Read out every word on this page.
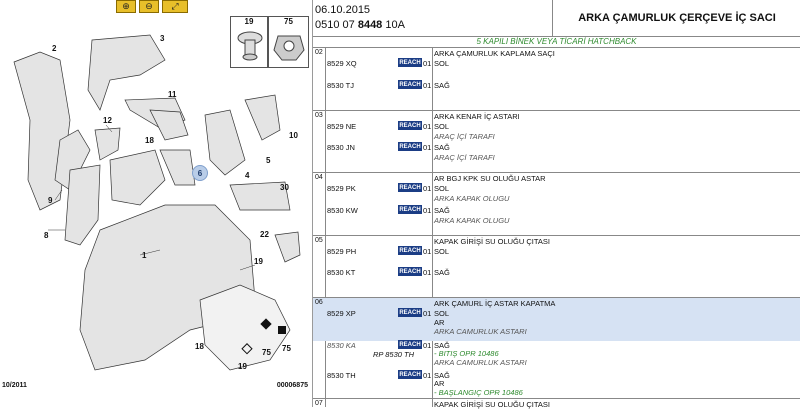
⊕	⊖	⤢
19	75
2
3
11
12
18
4
5
10
30
9
8
1
22
19
18
75 75
19
6
10/2011	00006875
06.10.2015
0510 07 8448 10A
ARKA ÇAMURLUK ÇERÇEVE İÇ SACI
5 KAPILI BİNEK VEYA TİCARİ HATCHBACK
02	ARKA ÇAMURLUK KAPLAMA SAÇI
8529 XQ	REACH 01 SOL
8530 TJ	REACH 01 SAĞ
03	ARKA KENAR İÇ ASTARI
8529 NE	REACH 01 SOL
ARAÇ İÇİ TARAFI
8530 JN	REACH 01 SAĞ
ARAÇ İÇİ TARAFI
04	AR BGJ KPK SU OLUĞU ASTAR
8529 PK	REACH 01 SOL
ARKA KAPAK OLUGU
8530 KW	REACH 01 SAĞ
ARKA KAPAK OLUGU
05	KAPAK GİRİŞİ SU OLUĞU ÇITASI
8529 PH	REACH 01 SOL
8530 KT	REACH 01 SAĞ
06	ARK ÇAMURL İÇ ASTAR KAPATMA
8529 XP	REACH 01 SOL
AR
ARKA CAMURLUK ASTARI
8530 KA	REACH 01 SAĞ
RP 8530 TH	- BITIŞ OPR 10486
ARKA CAMURLUK ASTARI
8530 TH	REACH 01 SAĞ
AR
- BAŞLANGIÇ OPR 10486
07	KAPAK GİRİŞİ SU OLUĞU ÇITASI
